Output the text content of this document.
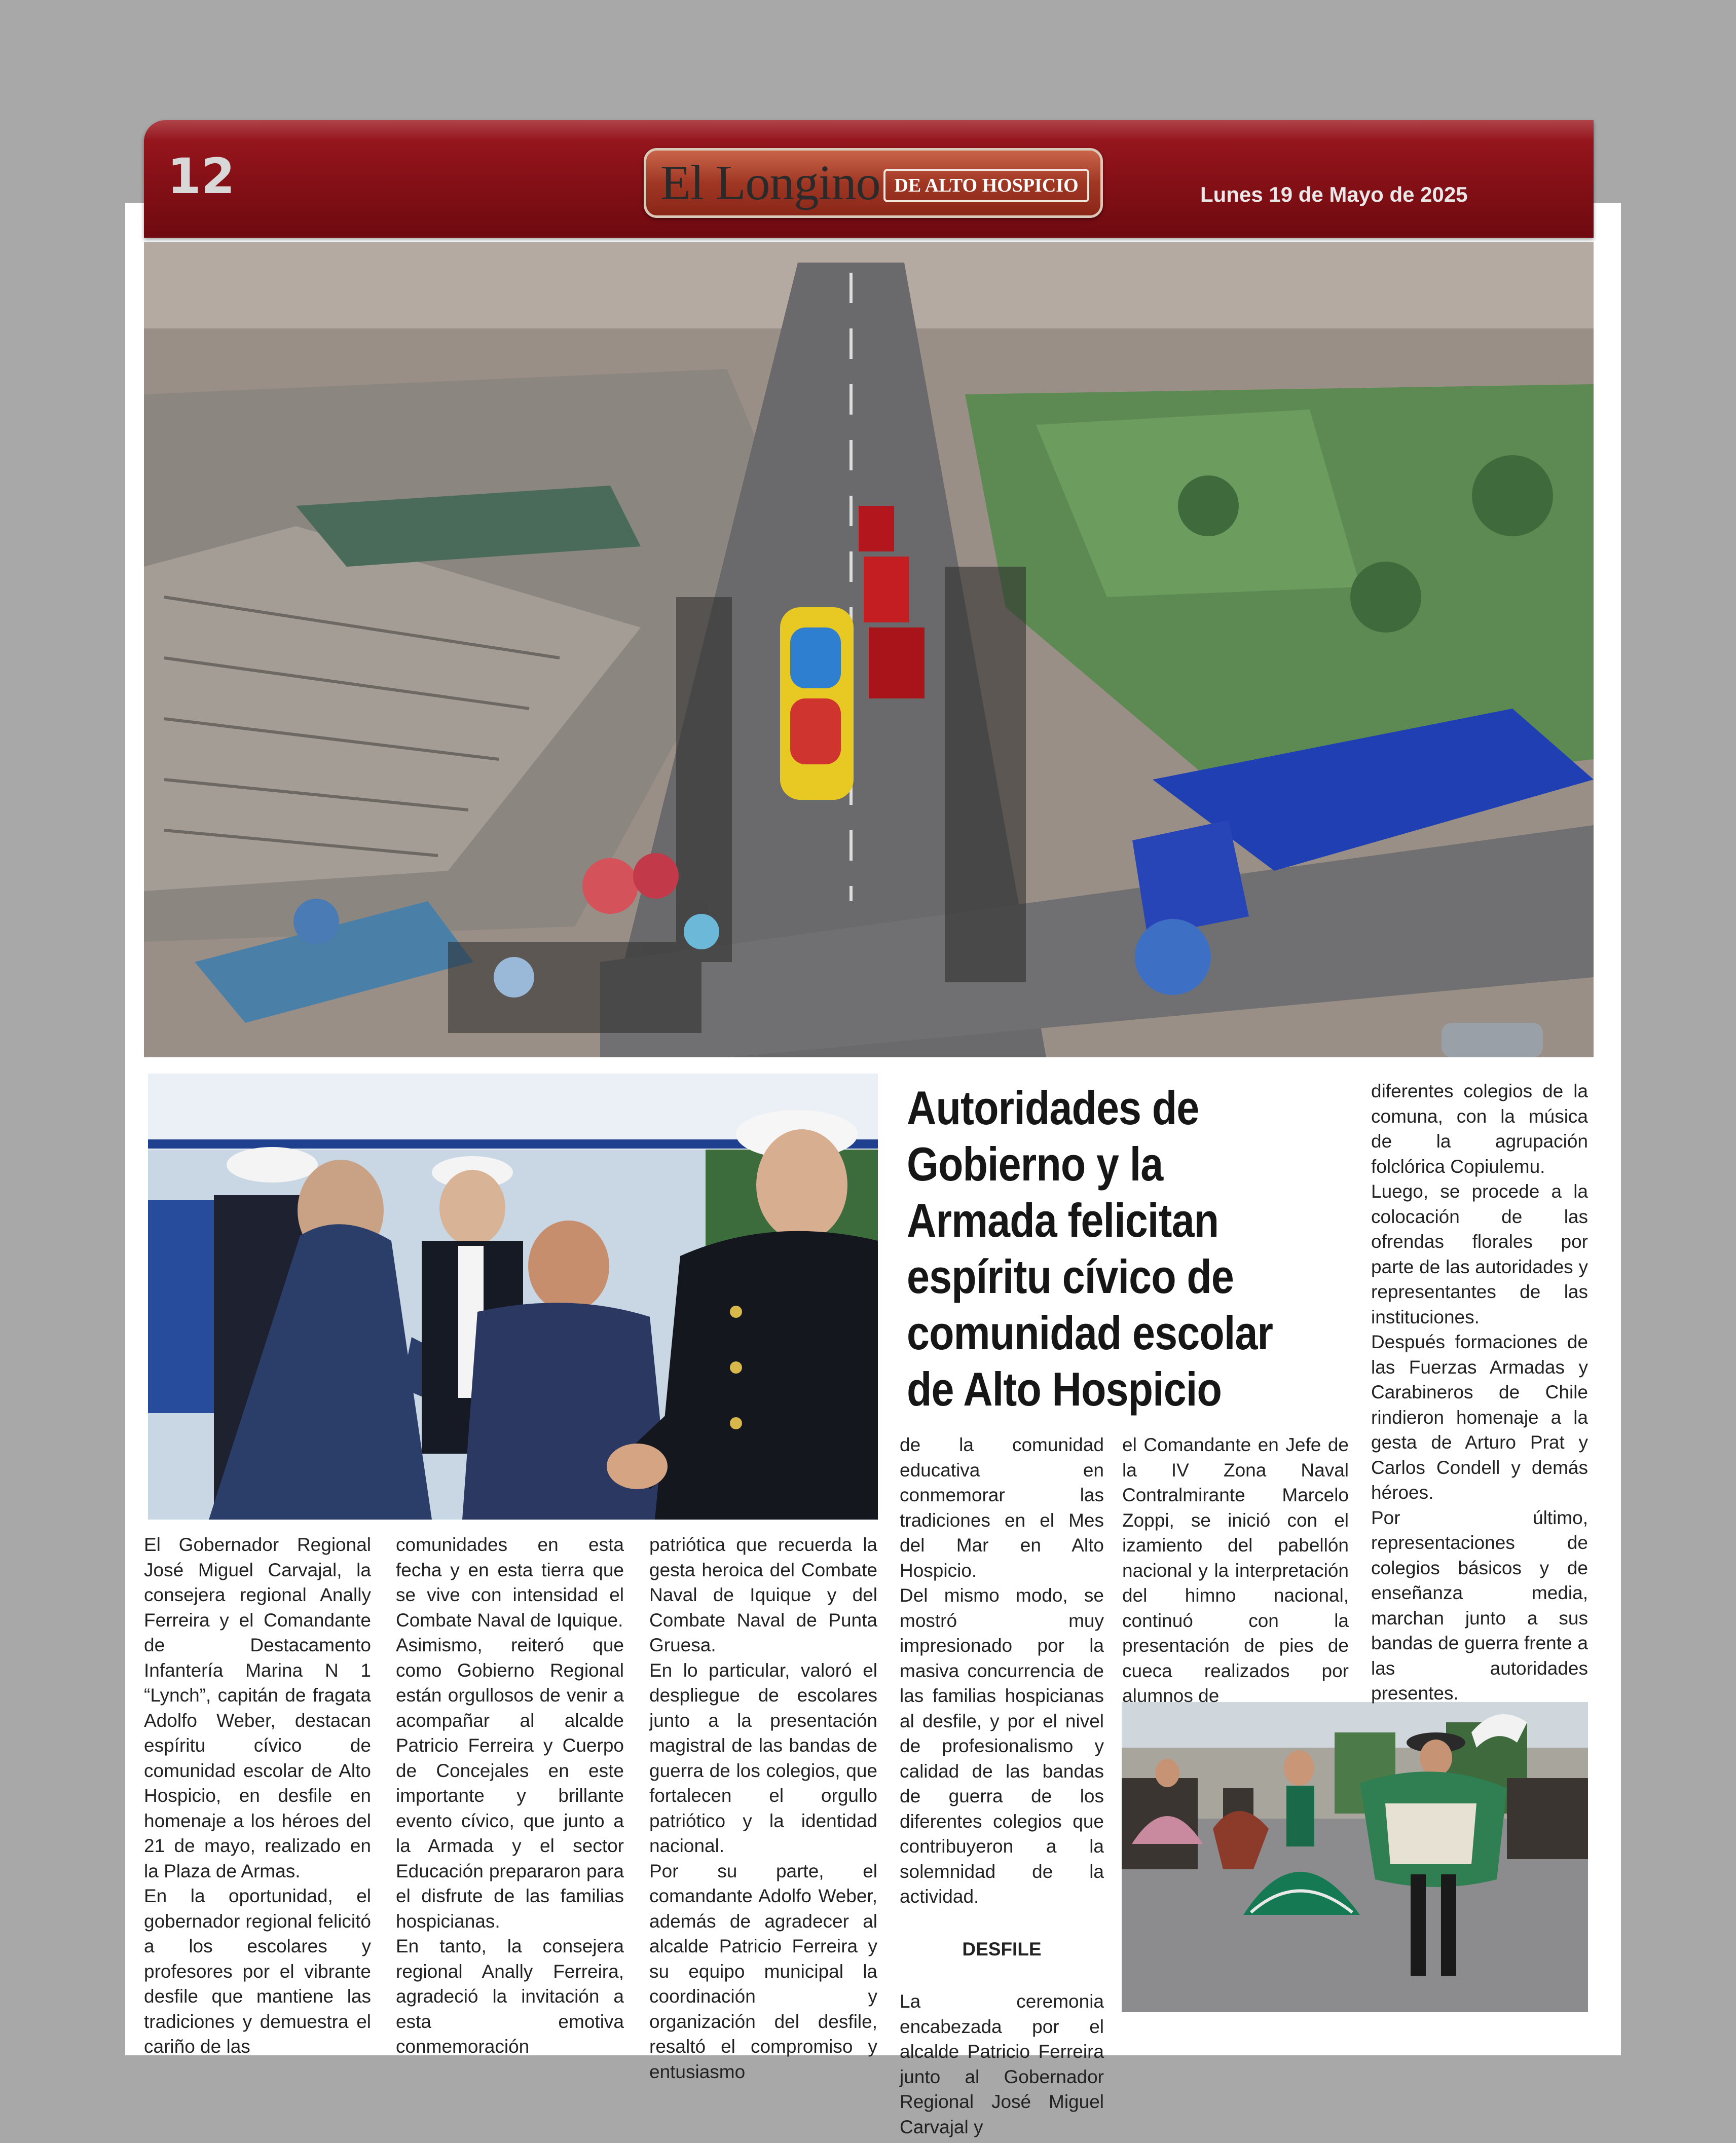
12	El Longino DE ALTO HOSPICIO	Lunes 19 de Mayo de 2025
Autoridades de Gobierno y la Armada felicitan espíritu cívico de comunidad escolar de Alto Hospicio

El Gobernador Regional José Miguel Carvajal, la consejera regional Anally Ferreira y el Comandante de Destacamento Infantería Marina N 1 “Lynch”, capitán de fragata Adolfo Weber, destacan espíritu cívico de comunidad escolar de Alto Hospicio, en desfile en homenaje a los héroes del 21 de mayo, realizado en la Plaza de Armas.

En la oportunidad, el gobernador regional felicitó a los escolares y profesores por el vibrante desfile que mantiene las tradiciones y demuestra el cariño de las

comunidades en esta fecha y en esta tierra que se vive con intensidad el Combate Naval de Iquique.

Asimismo, reiteró que como Gobierno Regional están orgullosos de venir a acompañar al alcalde Patricio Ferreira y Cuerpo de Concejales en este importante y brillante evento cívico, que junto a la Armada y el sector Educación prepararon para el disfrute de las familias hospicianas.

En tanto, la consejera regional Anally Ferreira, agradeció la invitación a esta emotiva conmemoración

patriótica que recuerda la gesta heroica del Combate Naval de Iquique y del Combate Naval de Punta Gruesa.

En lo particular, valoró el despliegue de escolares junto a la presentación magistral de las bandas de guerra de los colegios, que fortalecen el orgullo patriótico y la identidad nacional.

Por su parte, el comandante Adolfo Weber, además de agradecer al alcalde Patricio Ferreira y su equipo municipal la coordinación y organización del desfile, resaltó el compromiso y entusiasmo

de la comunidad educativa en conmemorar las tradiciones en el Mes del Mar en Alto Hospicio.

Del mismo modo, se mostró muy impresionado por la masiva concurrencia de las familias hospicianas al desfile, y por el nivel de profesionalismo y calidad de las bandas de guerra de los diferentes colegios que contribuyeron a la solemnidad de la actividad.

DESFILE

La ceremonia encabezada por el alcalde Patricio Ferreira junto al Gobernador Regional José Miguel Carvajal y

el Comandante en Jefe de la IV Zona Naval Contralmirante Marcelo Zoppi, se inició con el izamiento del pabellón nacional y la interpretación del himno nacional, continuó con la presentación de pies de cueca realizados por alumnos de

diferentes colegios de la comuna, con la música de la agrupación folclórica Copiulemu.

Luego, se procede a la colocación de las ofrendas florales por parte de las autoridades y representantes de las instituciones.

Después formaciones de las Fuerzas Armadas y Carabineros de Chile rindieron homenaje a la gesta de Arturo Prat y Carlos Condell y demás héroes.

Por último, representaciones de colegios básicos y de enseñanza media, marchan junto a sus bandas de guerra frente a las autoridades presentes.
